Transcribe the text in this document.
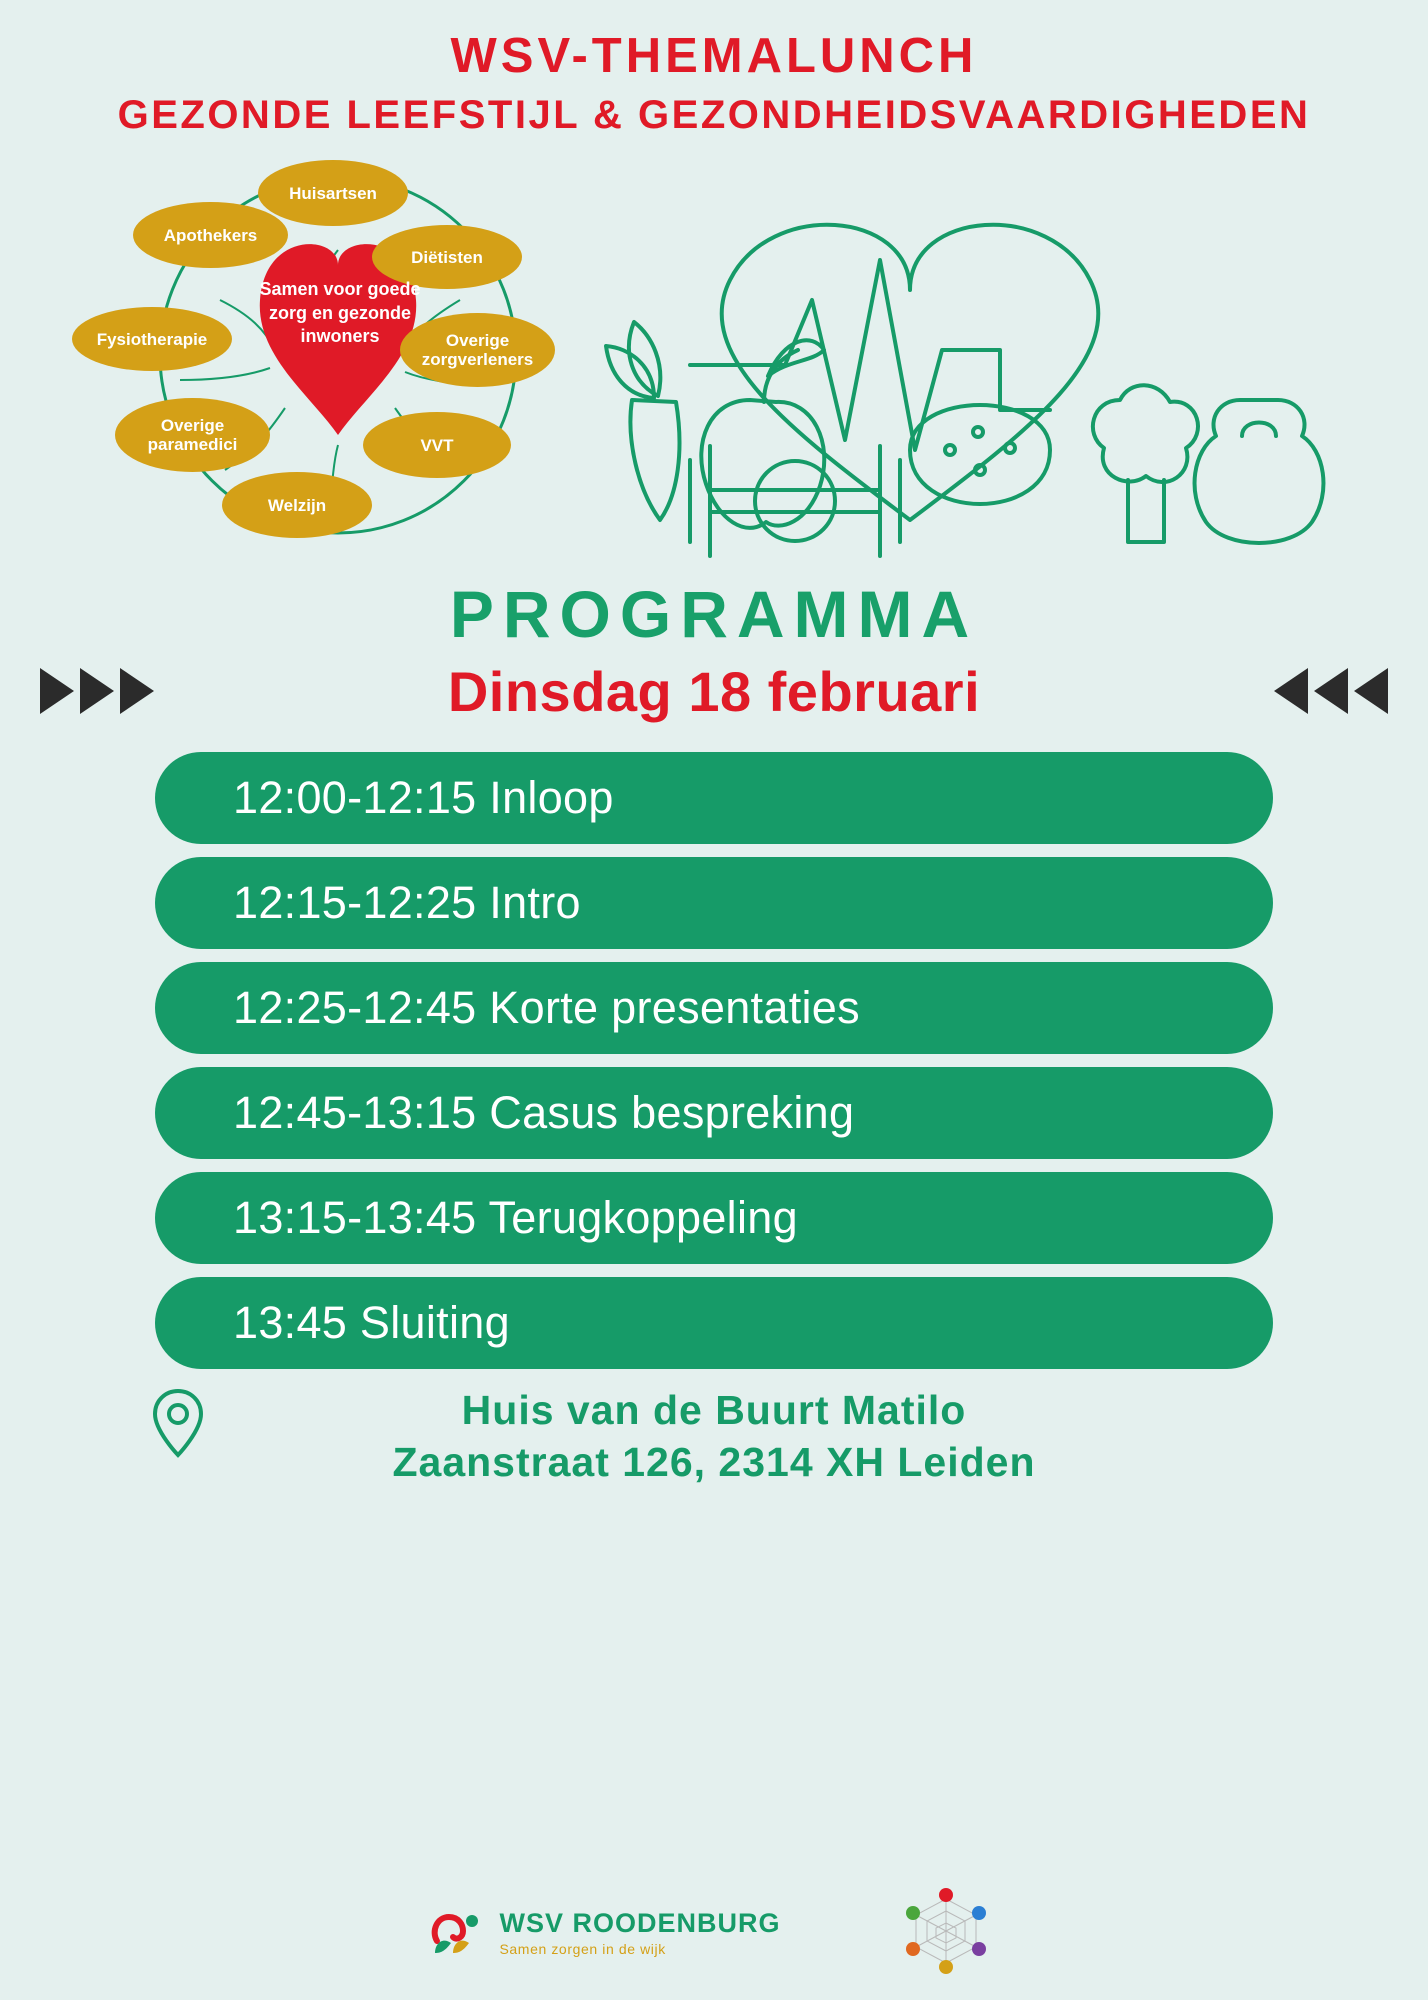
WSV-THEMALUNCH
GEZONDE LEEFSTIJL & GEZONDHEIDSVAARDIGHEDEN
Samen voor goede zorg en gezonde inwoners
Huisartsen
Apothekers
Diëtisten
Fysiotherapie	Overige zorgverleners
Overige paramedici	VVT
Welzijn
PROGRAMMA
Dinsdag 18 februari
12:00-12:15 Inloop
12:15-12:25 Intro
12:25-12:45 Korte presentaties
12:45-13:15 Casus bespreking
13:15-13:45 Terugkoppeling
13:45 Sluiting
Huis van de Buurt Matilo
Zaanstraat 126, 2314 XH Leiden
WSV ROODENBURG
Samen zorgen in de wijk
